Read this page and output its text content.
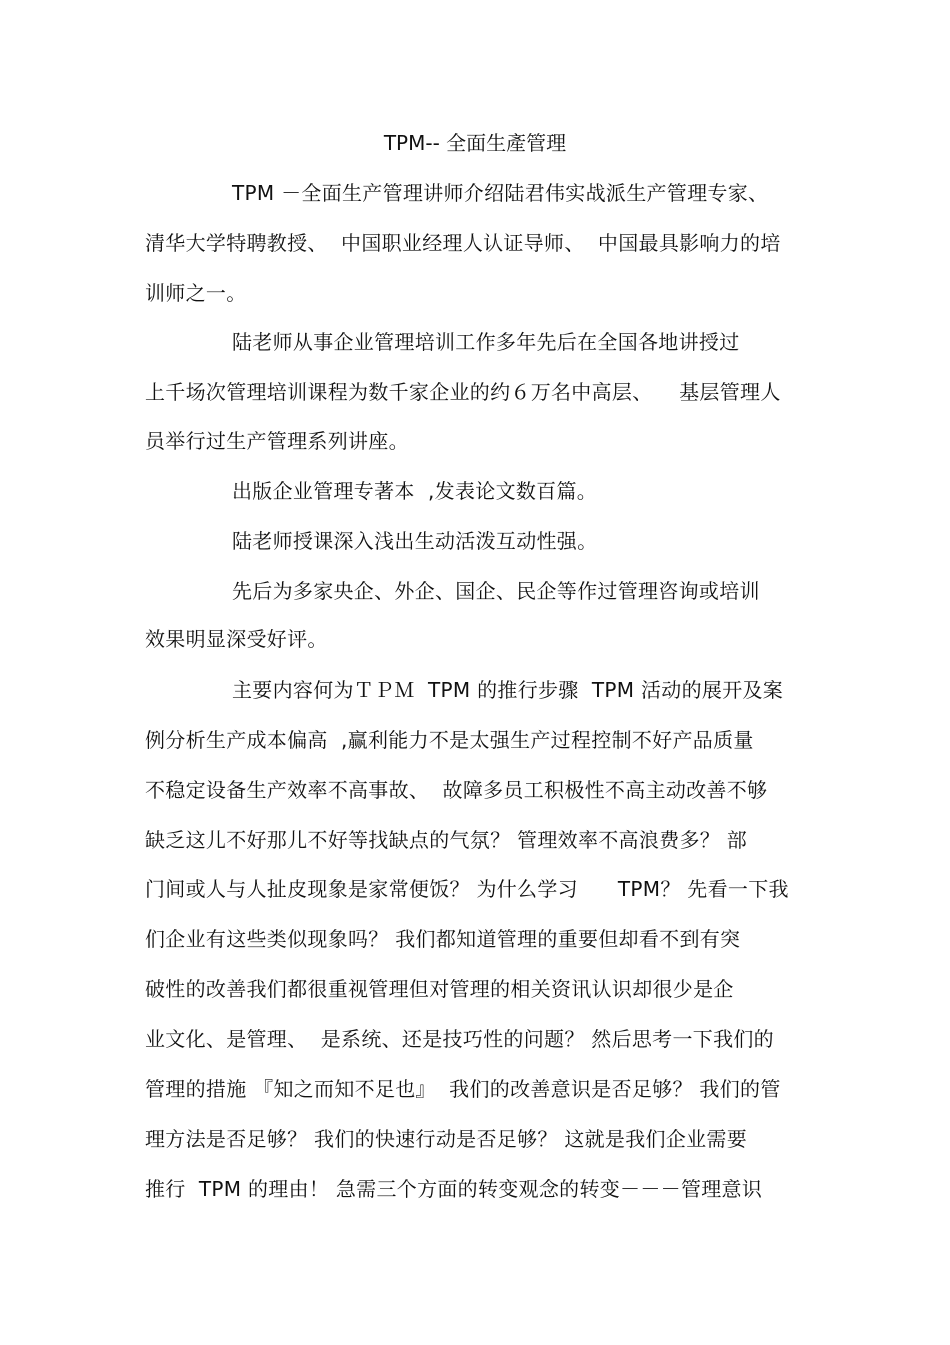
TPM-- 全面生產管理
TPM －全面生产管理讲师介绍陆君伟实战派生产管理专家、
清华大学特聘教授、  中国职业经理人认证导师、  中国最具影响力的培
训师之一。
陆老师从事企业管理培训工作多年先后在全国各地讲授过
上千场次管理培训课程为数千家企业的约６万名中高层、    基层管理人
员举行过生产管理系列讲座。
出版企业管理专著本  ,发表论文数百篇。
陆老师授课深入浅出生动活泼互动性强。
先后为多家央企、外企、国企、民企等作过管理咨询或培训
效果明显深受好评。
主要内容何为ＴＰＭ  TPM 的推行步骤  TPM 活动的展开及案
例分析生产成本偏高  ,赢利能力不是太强生产过程控制不好产品质量
不稳定设备生产效率不高事故、  故障多员工积极性不高主动改善不够
缺乏这儿不好那儿不好等找缺点的气氛？ 管理效率不高浪费多？ 部
门间或人与人扯皮现象是家常便饭？ 为什么学习      TPM？ 先看一下我
们企业有这些类似现象吗？ 我们都知道管理的重要但却看不到有突
破性的改善我们都很重视管理但对管理的相关资讯认识却很少是企
业文化、是管理、  是系统、还是技巧性的问题？ 然后思考一下我们的
管理的措施 『知之而知不足也』  我们的改善意识是否足够？ 我们的管
理方法是否足够？ 我们的快速行动是否足够？ 这就是我们企业需要
推行  TPM 的理由！ 急需三个方面的转变观念的转变－－－管理意识
